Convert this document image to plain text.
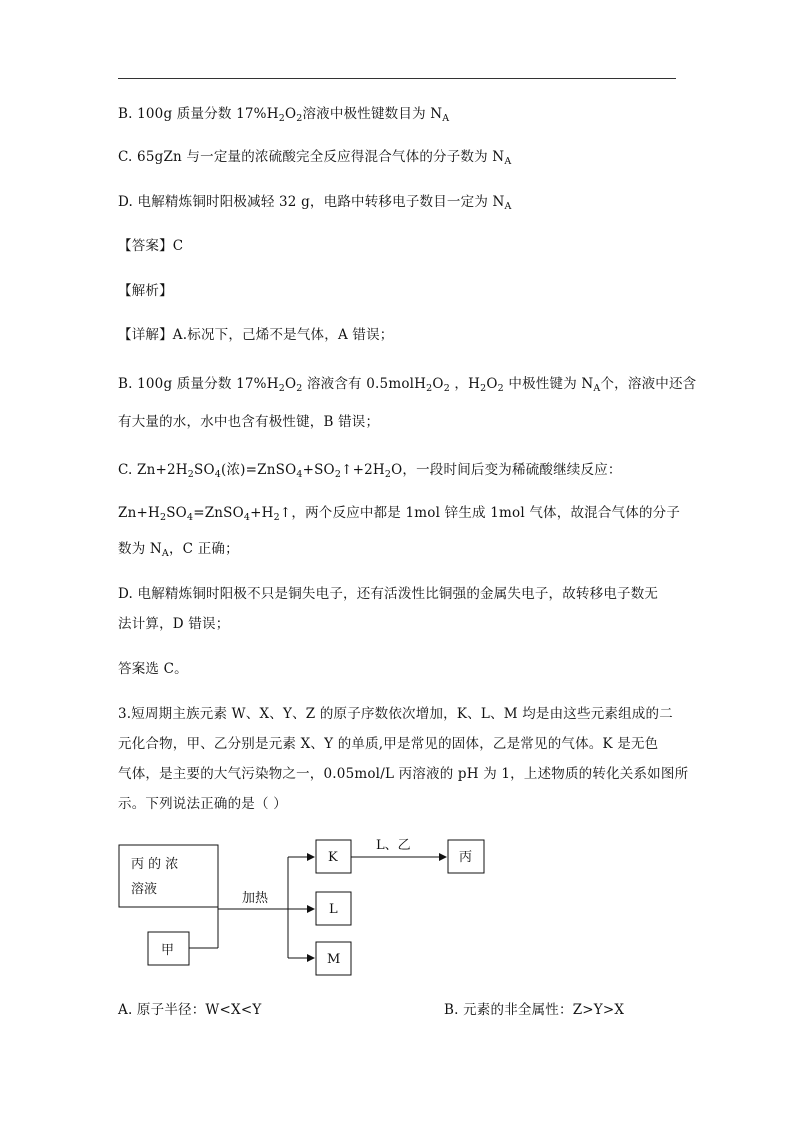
B. 100g 质量分数 $17\%H_2O_2$溶液中极性键数目为 $N_A$
C. 65gZn 与一定量的浓硫酸完全反应得混合气体的分子数为 $N_A$
D. 电解精炼铜时阳极减轻 32 g，电路中转移电子数目一定为 $N_A$
【答案】C
【解析】
【详解】A.标况下，己烯不是气体，A 错误；
B. 100g 质量分数 $17\%H_2O_2$ 溶液含有 $0.5molH_2O_2$ ，$H_2O_2$ 中极性键为 $N_A$个，溶液中还含
有大量的水，水中也含有极性键，B 错误；
C. $Zn+2H_2SO_4$(浓)$=ZnSO_4+SO_2↑+2H_2O$，一段时间后变为稀硫酸继续反应：
$Zn+H_2SO_4=ZnSO_4+H_2↑$，两个反应中都是 1mol 锌生成 1mol 气体，故混合气体的分子
数为 $N_A$，C 正确；
D. 电解精炼铜时阳极不只是铜失电子，还有活泼性比铜强的金属失电子，故转移电子数无
法计算，D 错误；
答案选 C。
3.短周期主族元素 W、X、Y、Z 的原子序数依次增加，K、L、M 均是由这些元素组成的二
元化合物，甲、乙分别是元素 X、Y 的单质,甲是常见的固体，乙是常见的气体。K 是无色
气体，是主要的大气污染物之一，0.05mol/L 丙溶液的 pH 为 1，上述物质的转化关系如图所
示。下列说法正确的是（ ）
丙 的 浓
溶液
甲
加热
K
L
M
L、乙
丙
A. 原子半径：W<X<Y	B. 元素的非全属性：Z>Y>X
